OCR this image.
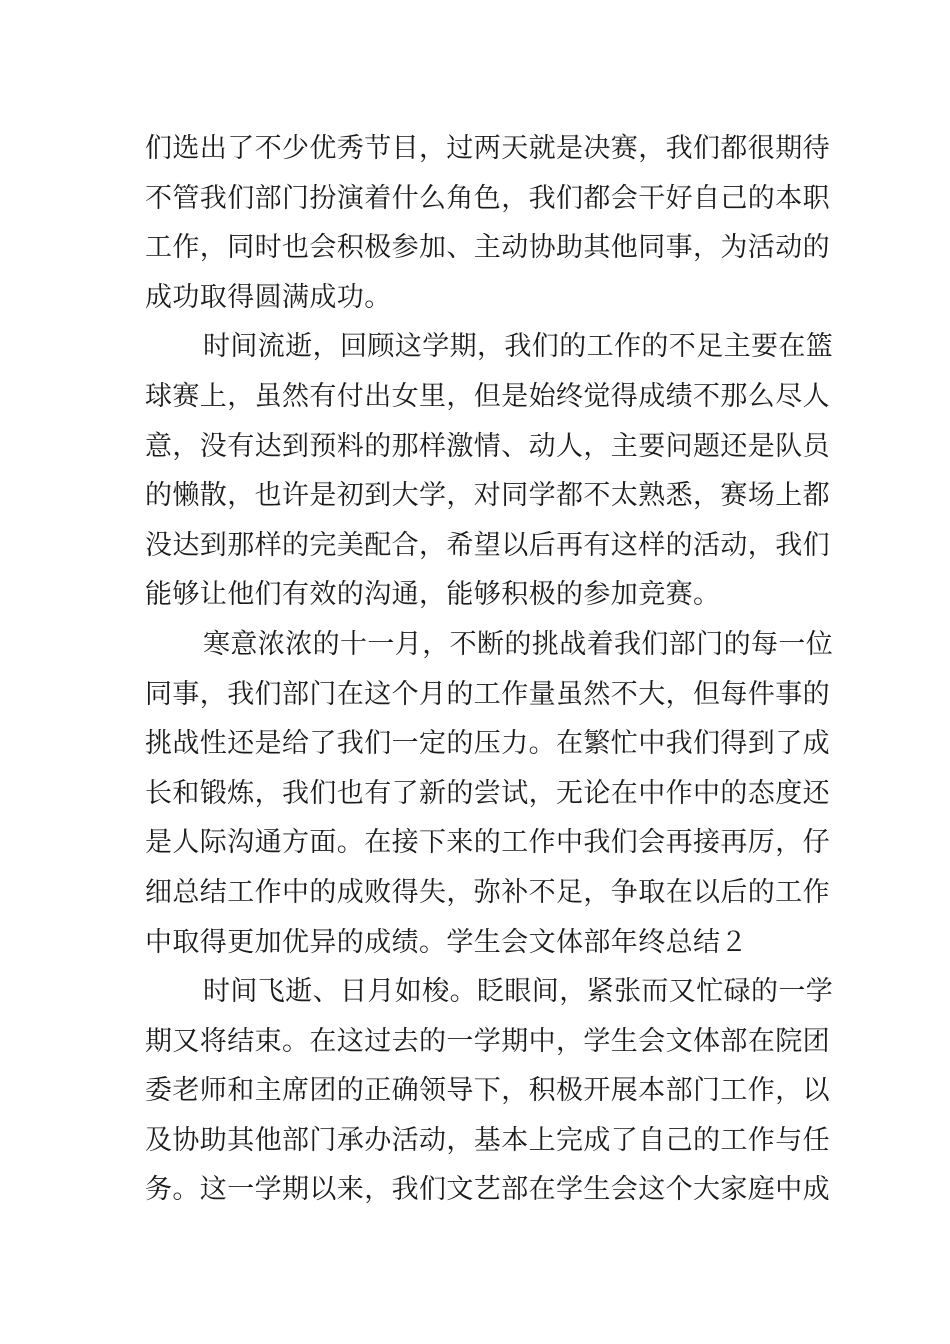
们选出了不少优秀节目，过两天就是决赛，我们都很期待
不管我们部门扮演着什么角色，我们都会干好自己的本职
工作，同时也会积极参加、主动协助其他同事，为活动的
成功取得圆满成功。
时间流逝，回顾这学期，我们的工作的不足主要在篮
球赛上，虽然有付出女里，但是始终觉得成绩不那么尽人
意，没有达到预料的那样激情、动人，主要问题还是队员
的懒散，也许是初到大学，对同学都不太熟悉，赛场上都
没达到那样的完美配合，希望以后再有这样的活动，我们
能够让他们有效的沟通，能够积极的参加竞赛。
寒意浓浓的十一月，不断的挑战着我们部门的每一位
同事，我们部门在这个月的工作量虽然不大，但每件事的
挑战性还是给了我们一定的压力。在繁忙中我们得到了成
长和锻炼，我们也有了新的尝试，无论在中作中的态度还
是人际沟通方面。在接下来的工作中我们会再接再厉，仔
细总结工作中的成败得失，弥补不足，争取在以后的工作
中取得更加优异的成绩。学生会文体部年终总结２
时间飞逝、日月如梭。眨眼间，紧张而又忙碌的一学
期又将结束。在这过去的一学期中，学生会文体部在院团
委老师和主席团的正确领导下，积极开展本部门工作，以
及协助其他部门承办活动，基本上完成了自己的工作与任
务。这一学期以来，我们文艺部在学生会这个大家庭中成
